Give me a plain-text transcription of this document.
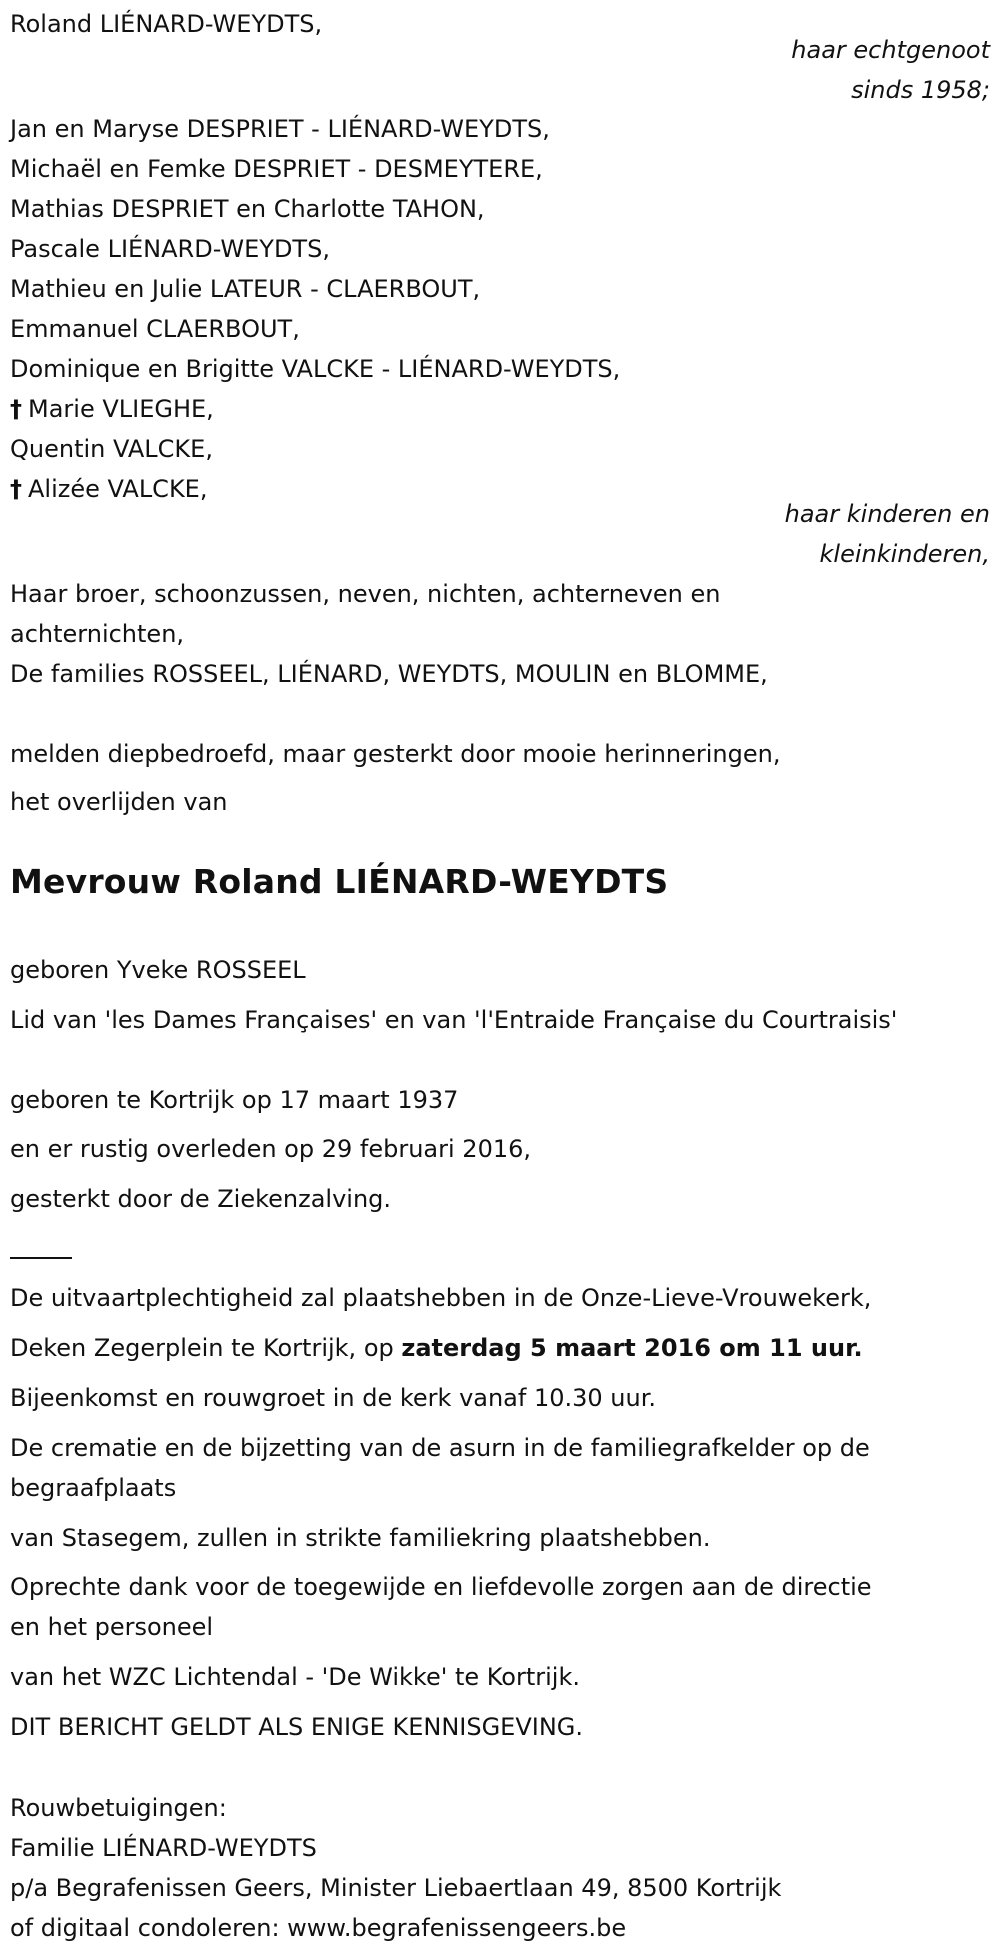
Roland LIÉNARD-WEYDTS,
haar echtgenoot
sinds 1958;
Jan en Maryse DESPRIET - LIÉNARD-WEYDTS,
Michaël en Femke DESPRIET - DESMEYTERE,
Mathias DESPRIET en Charlotte TAHON,
Pascale LIÉNARD-WEYDTS,
Mathieu en Julie LATEUR - CLAERBOUT,
Emmanuel CLAERBOUT,
Dominique en Brigitte VALCKE - LIÉNARD-WEYDTS,
† Marie VLIEGHE,
Quentin VALCKE,
† Alizée VALCKE,
haar kinderen en
kleinkinderen,
Haar broer, schoonzussen, neven, nichten, achterneven en
achternichten,
De families ROSSEEL, LIÉNARD, WEYDTS, MOULIN en BLOMME,
melden diepbedroefd, maar gesterkt door mooie herinneringen,
het overlijden van
Mevrouw Roland LIÉNARD-WEYDTS
geboren Yveke ROSSEEL
Lid van 'les Dames Françaises' en van 'l'Entraide Française du Courtraisis'
geboren te Kortrijk op 17 maart 1937
en er rustig overleden op 29 februari 2016,
gesterkt door de Ziekenzalving.
De uitvaartplechtigheid zal plaatshebben in de Onze-Lieve-Vrouwekerk,
Deken Zegerplein te Kortrijk, op zaterdag 5 maart 2016 om 11 uur.
Bijeenkomst en rouwgroet in de kerk vanaf 10.30 uur.
De crematie en de bijzetting van de asurn in de familiegrafkelder op de
begraafplaats
van Stasegem, zullen in strikte familiekring plaatshebben.
Oprechte dank voor de toegewijde en liefdevolle zorgen aan de directie
en het personeel
van het WZC Lichtendal - 'De Wikke' te Kortrijk.
DIT BERICHT GELDT ALS ENIGE KENNISGEVING.
Rouwbetuigingen:
Familie LIÉNARD-WEYDTS
p/a Begrafenissen Geers, Minister Liebaertlaan 49, 8500 Kortrijk
of digitaal condoleren: www.begrafenissengeers.be
